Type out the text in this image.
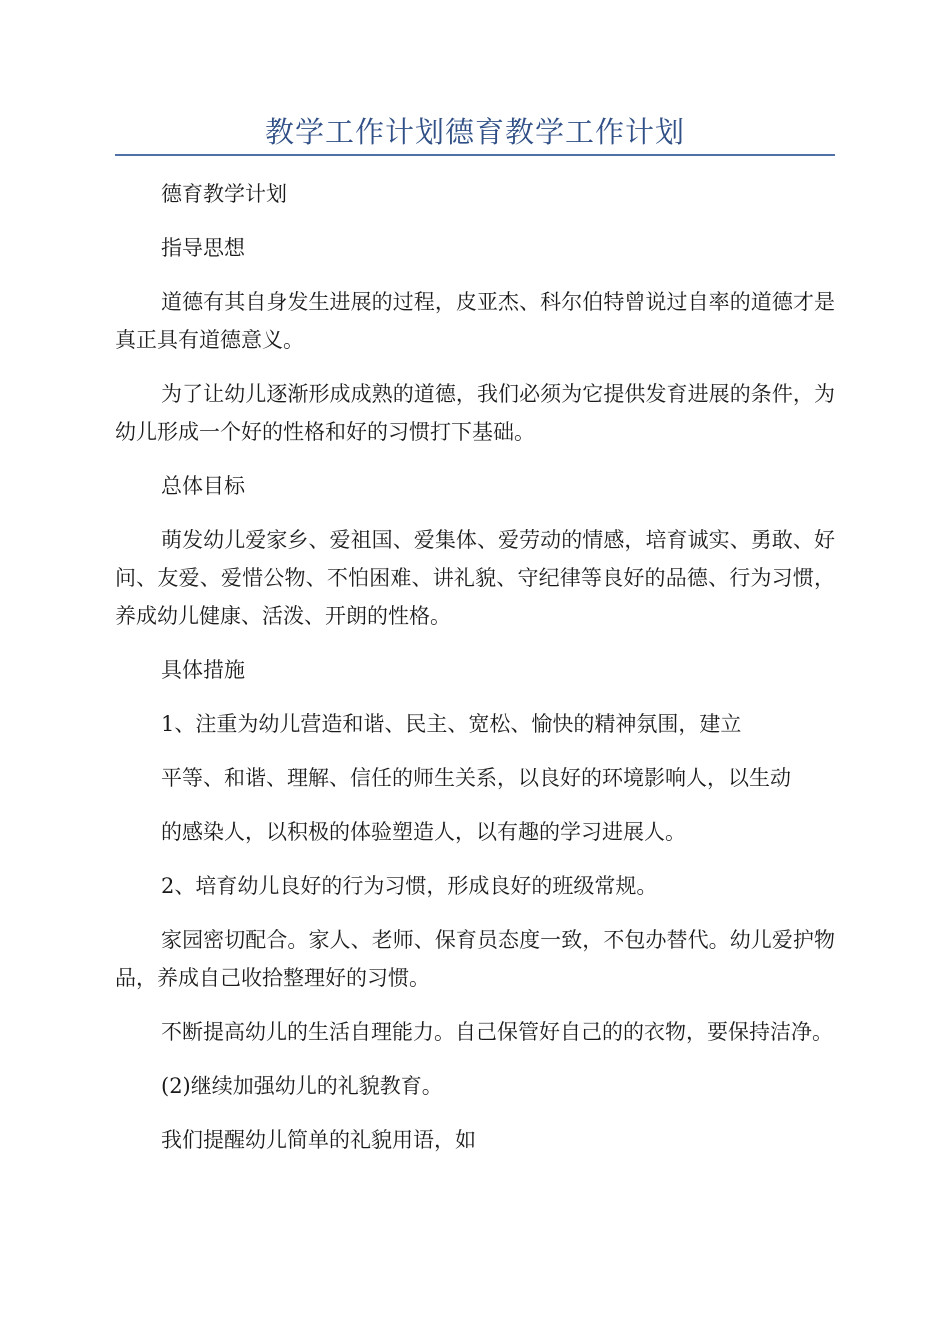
教学工作计划德育教学工作计划

德育教学计划

指导思想

道德有其自身发生进展的过程，皮亚杰、科尔伯特曾说过自率的道德才是真正具有道德意义。

为了让幼儿逐渐形成成熟的道德，我们必须为它提供发育进展的条件，为幼儿形成一个好的性格和好的习惯打下基础。

总体目标

萌发幼儿爱家乡、爱祖国、爱集体、爱劳动的情感，培育诚实、勇敢、好问、友爱、爱惜公物、不怕困难、讲礼貌、守纪律等良好的品德、行为习惯，养成幼儿健康、活泼、开朗的性格。

具体措施

1、注重为幼儿营造和谐、民主、宽松、愉快的精神氛围，建立

平等、和谐、理解、信任的师生关系，以良好的环境影响人，以生动

的感染人，以积极的体验塑造人，以有趣的学习进展人。

2、培育幼儿良好的行为习惯，形成良好的班级常规。

家园密切配合。家人、老师、保育员态度一致，不包办替代。幼儿爱护物品，养成自己收拾整理好的习惯。

不断提高幼儿的生活自理能力。自己保管好自己的的衣物，要保持洁净。

(2)继续加强幼儿的礼貌教育。

我们提醒幼儿简单的礼貌用语，如
